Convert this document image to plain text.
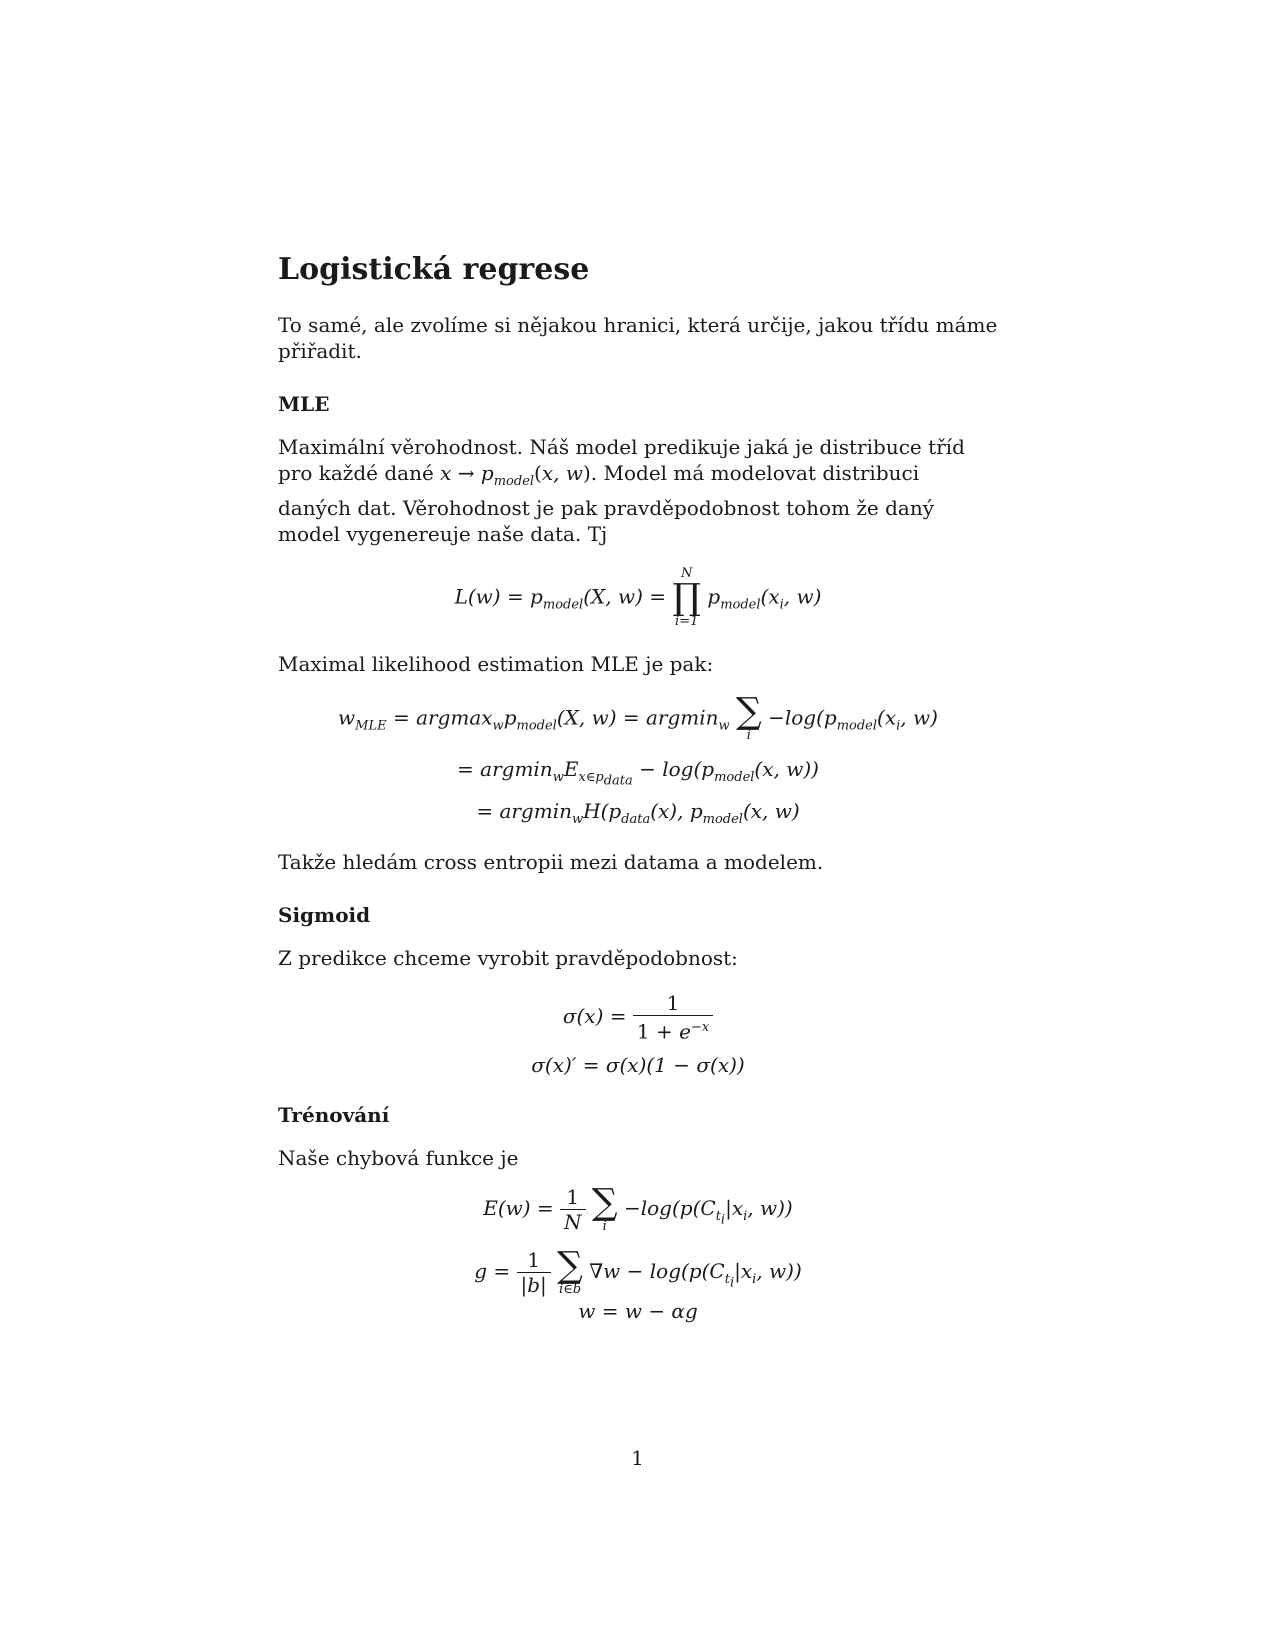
Logistická regrese

To samé, ale zvolíme si nějakou hranici, která určije, jakou třídu máme přiřadit.

MLE

Maximální věrohodnost. Náš model predikuje jaká je distribuce tříd pro každé dané $x \to p_{model}(x$, w). Model má modelovat distribuci daných dat. Věrohodnost je pak pravděpodobnost tohom že daný model vygenereuje naše data. Tj

$L(w) = p_{model}(X$, w) =
N
∏
i=1
$p_{model}(x_i$, w)

Maximal likelihood estimation MLE je pak:

$w_{MLE} = argmax_wp_{model}(X$, w) = argmin$_w$ ∑
i
$-\log(p_{model}(x_i$, w)
= $argmin_wE_{x\in p_{data}} - \log(p_{model}(x$, w))
= $argmin_wH(p_{data}(x)$, $p_{model}(x$, w)

Takže hledám cross entropii mezi datama a modelem.

Sigmoid

Z predikce chceme vyrobit pravděpodobnost:

$\sigma(x) = \frac{1}{1 + e^{-x}}$
σ(x)′ = σ(x)(1 − σ(x))
Trénování

Naše chybová funkce je

$E(w) = \frac{1}{N}$
∑
i
$-\log(p(C_{t_i}|x_i$, w))
$g = \frac{1}{|b|}$
∑
i∈b
$\nabla w - \log(p(C_{t_i}|x_i$, w))
w = w − αg
1
